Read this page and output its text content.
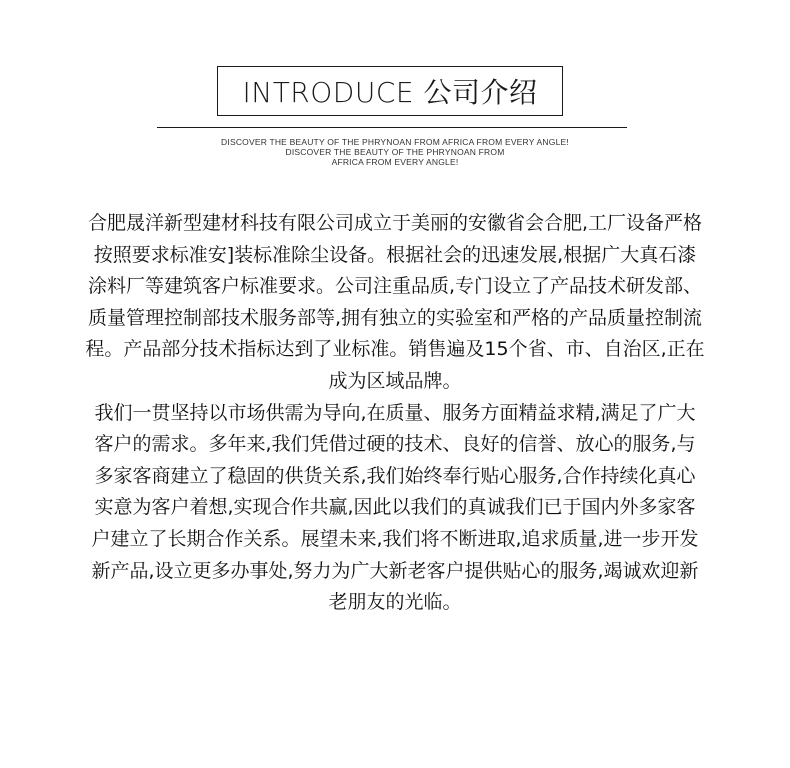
INTRODUCE 公司介绍
DISCOVER THE BEAUTY OF THE PHRYNOAN FROM AFRICA FROM EVERY ANGLE!
DISCOVER THE BEAUTY OF THE PHRYNOAN FROM
AFRICA FROM EVERY ANGLE!
合肥晟洋新型建材科技有限公司成立于美丽的安徽省会合肥,工厂设备严格
按照要求标准安]装标准除尘设备。根据社会的迅速发展,根据广大真石漆
涂料厂等建筑客户标准要求。公司注重品质,专门设立了产品技术研发部、
质量管理控制部技术服务部等,拥有独立的实验室和严格的产品质量控制流
程。产品部分技术指标达到了业标准。销售遍及15个省、市、自治区,正在
成为区域品牌。
我们一贯坚持以市场供需为导向,在质量、服务方面精益求精,满足了广大
客户的需求。多年来,我们凭借过硬的技术、良好的信誉、放心的服务,与
多家客商建立了稳固的供货关系,我们始终奉行贴心服务,合作持续化真心
实意为客户着想,实现合作共赢,因此以我们的真诚我们已于国内外多家客
户建立了长期合作关系。展望未来,我们将不断进取,追求质量,进一步开发
新产品,设立更多办事处,努力为广大新老客户提供贴心的服务,竭诚欢迎新
老朋友的光临。
